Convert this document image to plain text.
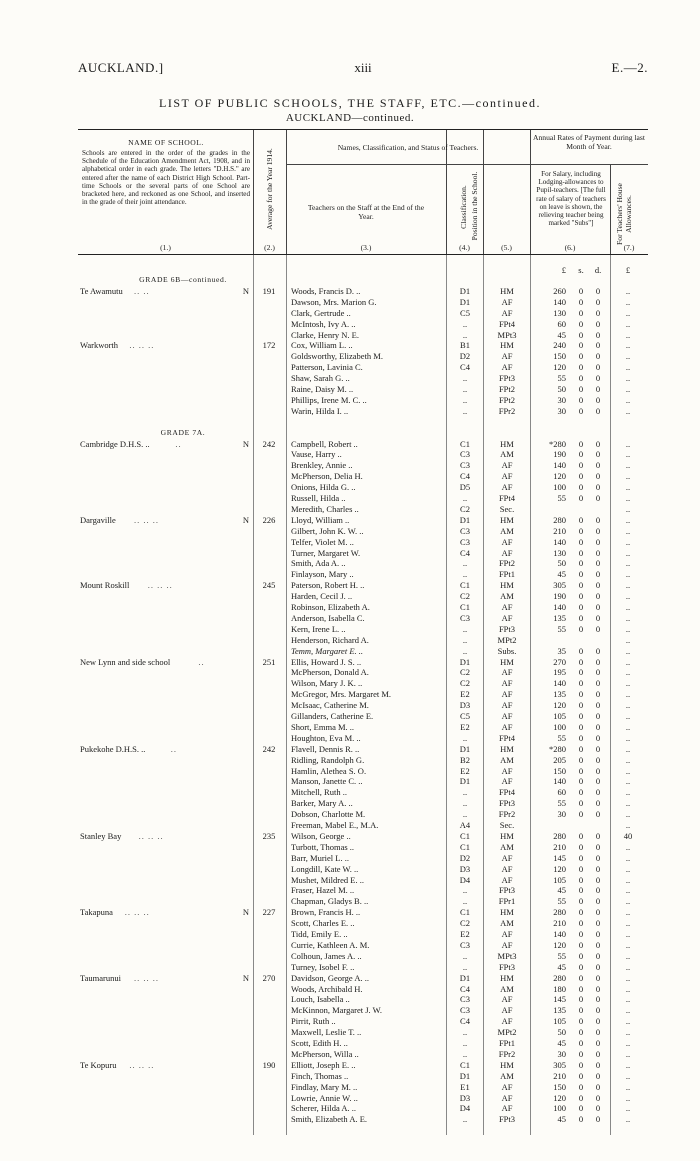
AUCKLAND.]	xiii	E.—2.
LIST OF PUBLIC SCHOOLS, THE STAFF, ETC.—continued.
AUCKLAND—continued.
NAME OF SCHOOL.
Schools are entered in the order of the grades in the Schedule of the Education Amendment Act, 1908, and in alphabetical order in each grade. The letters "D.H.S." are entered after the name of each District High School. Part-time Schools or the several parts of one School are bracketed here, and reckoned as one School, and inserted in the grade of their joint attendance.
(1.)
Average for the Year 1914.
(2.)
Names, Classification, and Status of Teachers.
Teachers on the Staff at the End of the Year.
(3.)
Classification.
(4.)
Position in the School.
(5.)
Annual Rates of Payment during last Month of Year.
For Salary, including Lodging-allowances to Pupil-teachers. [The full rate of salary of teachers on leave is shown, the relieving teacher being marked "Subs"]
(6.)
For Teachers' House Allowances.
(7.)
£	s.	d.	£
GRADE 6B—continued.
Te Awamutu .. ..	N	191	Woods, Francis D. ..	D1	HM	260	0	0	..
Dawson, Mrs. Marion G.	D1	AF	140	0	0	..
Clark, Gertrude ..	C5	AF	130	0	0	..
McIntosh, Ivy A. ..	..	FPt4	60	0	0	..
Clarke, Henry N. E.	..	MPt3	45	0	0	..
Warkworth .. .. ..	172	Cox, William L. ..	B1	HM	240	0	0	..
Goldsworthy, Elizabeth M.	D2	AF	150	0	0	..
Patterson, Lavinia C.	C4	AF	120	0	0	..
Shaw, Sarah G. ..	..	FPt3	55	0	0	..
Raine, Daisy M. ..	..	FPt2	50	0	0	..
Phillips, Irene M. C. ..	..	FPt2	30	0	0	..
Warin, Hilda I. ..	..	FPr2	30	0	0	..
GRADE 7A.
Cambridge D.H.S. ..	..	N	242	Campbell, Robert ..	C1	HM	*280	0	0	..
Vause, Harry ..	C3	AM	190	0	0	..
Brenkley, Annie ..	C3	AF	140	0	0	..
McPherson, Delia H.	C4	AF	120	0	0	..
Onions, Hilda G. ..	D5	AF	100	0	0	..
Russell, Hilda ..	..	FPt4	55	0	0	..
Meredith, Charles ..	C2	Sec.	..
Dargaville .. .. ..	N	226	Lloyd, William ..	D1	HM	280	0	0	..
Gilbert, John K. W. ..	C3	AM	210	0	0	..
Telfer, Violet M. ..	C3	AF	140	0	0	..
Turner, Margaret W.	C4	AF	130	0	0	..
Smith, Ada A. ..	..	FPt2	50	0	0	..
Finlayson, Mary ..	..	FPt1	45	0	0	..
Mount Roskill .. .. ..	245	Paterson, Robert H. ..	C1	HM	305	0	0	..
Harden, Cecil J. ..	C2	AM	190	0	0	..
Robinson, Elizabeth A.	C1	AF	140	0	0	..
Anderson, Isabella C.	C3	AF	135	0	0	..
Kern, Irene L. ..	..	FPt3	55	0	0	..
Henderson, Richard A.	..	MPt2	..
Temm, Margaret E. ..	..	Subs.	35	0	0	..
New Lynn and side school	..	251	Ellis, Howard J. S. ..	D1	HM	270	0	0	..
McPherson, Donald A.	C2	AF	195	0	0	..
Wilson, Mary J. K. ..	C2	AF	140	0	0	..
McGregor, Mrs. Margaret M.	E2	AF	135	0	0	..
McIsaac, Catherine M.	D3	AF	120	0	0	..
Gillanders, Catherine E.	C5	AF	105	0	0	..
Short, Emma M. ..	E2	AF	100	0	0	..
Houghton, Eva M. ..	..	FPt4	55	0	0	..
Pukekohe D.H.S. ..	..	242	Flavell, Dennis R. ..	D1	HM	*280	0	0	..
Ridling, Randolph G.	B2	AM	205	0	0	..
Hamlin, Alethea S. O.	E2	AF	150	0	0	..
Manson, Janette C. ..	D1	AF	140	0	0	..
Mitchell, Ruth ..	..	FPt4	60	0	0	..
Barker, Mary A. ..	..	FPt3	55	0	0	..
Dobson, Charlotte M.	..	FPr2	30	0	0	..
Freeman, Mabel E., M.A.	A4	Sec.	..
Stanley Bay .. .. ..	235	Wilson, George ..	C1	HM	280	0	0	40
Turbott, Thomas ..	C1	AM	210	0	0	..
Barr, Muriel L. ..	D2	AF	145	0	0	..
Longdill, Kate W. ..	D3	AF	120	0	0	..
Mushet, Mildred E. ..	D4	AF	105	0	0	..
Fraser, Hazel M. ..	..	FPt3	45	0	0	..
Chapman, Gladys B. ..	..	FPr1	55	0	0	..
Takapuna .. .. ..	N	227	Brown, Francis H. ..	C1	HM	280	0	0	..
Scott, Charles E. ..	C2	AM	210	0	0	..
Tidd, Emily E. ..	E2	AF	140	0	0	..
Currie, Kathleen A. M.	C3	AF	120	0	0	..
Colhoun, James A. ..	..	MPt3	55	0	0	..
Turney, Isobel F. ..	..	FPt3	45	0	0	..
Taumarunui .. .. ..	N	270	Davidson, George A. ..	D1	HM	280	0	0	..
Woods, Archibald H.	C4	AM	180	0	0	..
Louch, Isabella ..	C3	AF	145	0	0	..
McKinnon, Margaret J. W.	C3	AF	135	0	0	..
Pirrit, Ruth ..	C4	AF	105	0	0	..
Maxwell, Leslie T. ..	..	MPt2	50	0	0	..
Scott, Edith H. ..	..	FPt1	45	0	0	..
McPherson, Willa ..	..	FPr2	30	0	0	..
Te Kopuru .. .. ..	190	Elliott, Joseph E. ..	C1	HM	305	0	0	..
Finch, Thomas ..	D1	AM	210	0	0	..
Findlay, Mary M. ..	E1	AF	150	0	0	..
Lowrie, Annie W. ..	D3	AF	120	0	0	..
Scherer, Hilda A. ..	D4	AF	100	0	0	..
Smith, Elizabeth A. E.	..	FPt3	45	0	0	..
